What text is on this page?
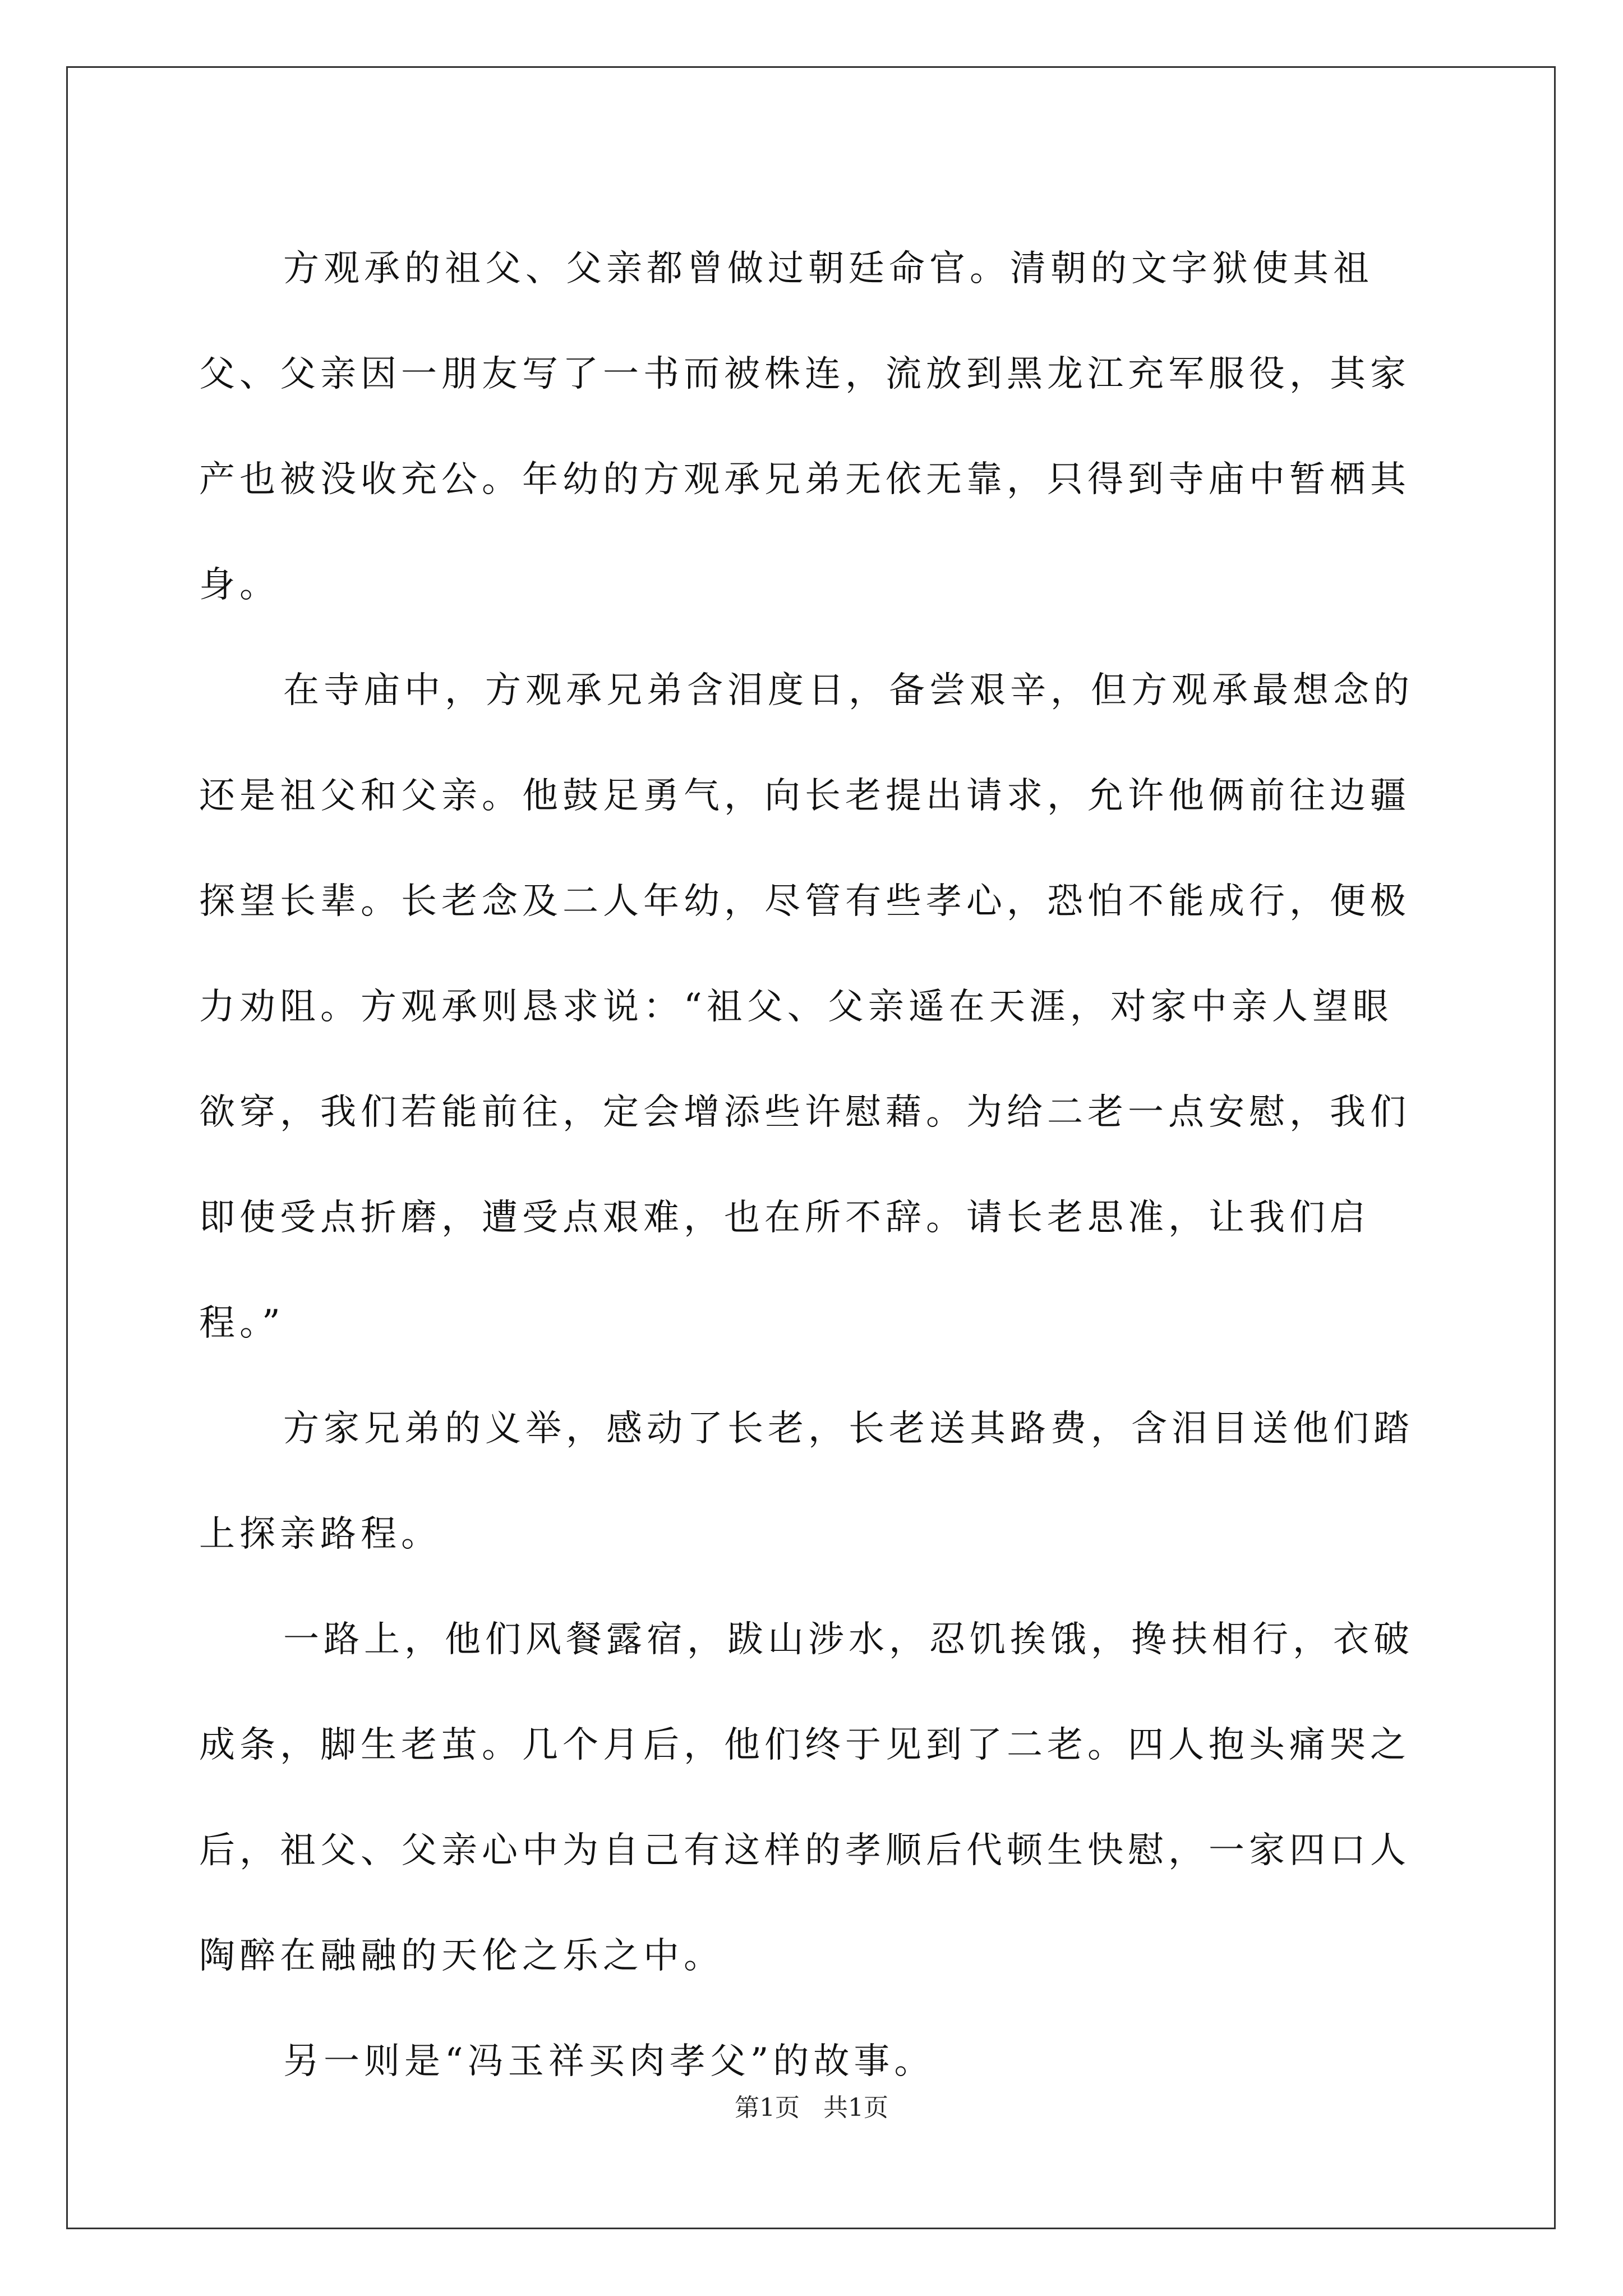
方观承的祖父、父亲都曾做过朝廷命官。清朝的文字狱使其祖父、父亲因一朋友写了一书而被株连，流放到黑龙江充军服役，其家产也被没收充公。年幼的方观承兄弟无依无靠，只得到寺庙中暂栖其身。

在寺庙中，方观承兄弟含泪度日，备尝艰辛，但方观承最想念的还是祖父和父亲。他鼓足勇气，向长老提出请求，允许他俩前往边疆探望长辈。长老念及二人年幼，尽管有些孝心，恐怕不能成行，便极力劝阻。方观承则恳求说：“祖父、父亲遥在天涯，对家中亲人望眼欲穿，我们若能前往，定会增添些许慰藉。为给二老一点安慰，我们即使受点折磨，遭受点艰难，也在所不辞。请长老思准，让我们启程。”

方家兄弟的义举，感动了长老，长老送其路费，含泪目送他们踏上探亲路程。

一路上，他们风餐露宿，跋山涉水，忍饥挨饿，搀扶相行，衣破成条，脚生老茧。几个月后，他们终于见到了二老。四人抱头痛哭之后，祖父、父亲心中为自己有这样的孝顺后代顿生快慰，一家四口人陶醉在融融的天伦之乐之中。

另一则是“冯玉祥买肉孝父”的故事。

第1页 共1页
